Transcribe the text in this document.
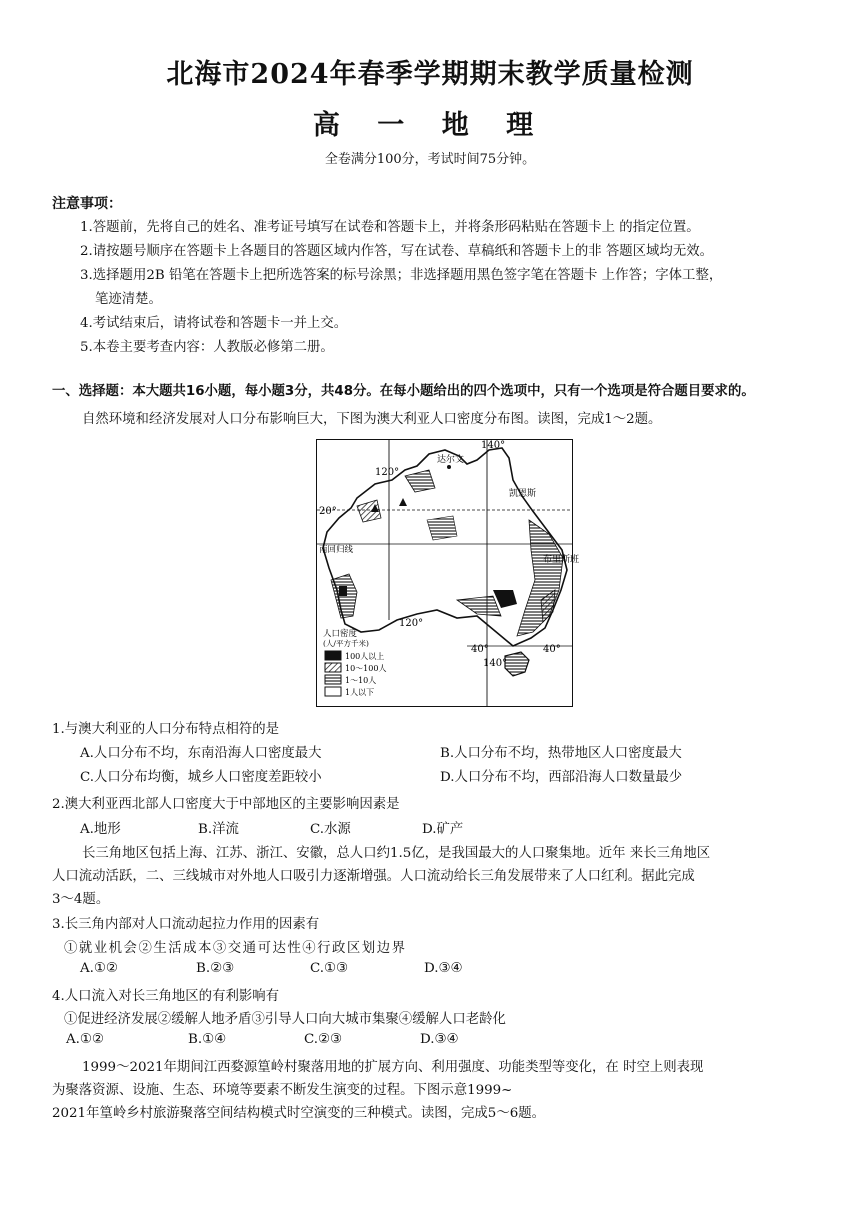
北海市2024年春季学期期末教学质量检测
高 一 地 理
全卷满分100分，考试时间75分钟。
注意事项：
1.答题前，先将自己的姓名、准考证号填写在试卷和答题卡上，并将条形码粘贴在答题卡上 的指定位置。
2.请按题号顺序在答题卡上各题目的答题区域内作答，写在试卷、草稿纸和答题卡上的非 答题区域均无效。
3.选择题用2B 铅笔在答题卡上把所选答案的标号涂黑；非选择题用黑色签字笔在答题卡 上作答；字体工整，
笔迹清楚。
4.考试结束后，请将试卷和答题卡一并上交。
5.本卷主要考查内容：人教版必修第二册。
一、选择题：本大题共16小题，每小题3分，共48分。在每小题给出的四个选项中，只有一个选项是符合题目要求的。
自然环境和经济发展对人口分布影响巨大，下图为澳大利亚人口密度分布图。读图，完成1～2题。
140°
120°
20°
达尔文
凯恩斯
南回归线
布里斯班
120°
40°	40°
140°
人口密度
(人/平方千米)
100人以上
10～100人
1～10人
1人以下
1.与澳大利亚的人口分布特点相符的是
A.人口分布不均，东南沿海人口密度最大	B.人口分布不均，热带地区人口密度最大
C.人口分布均衡，城乡人口密度差距较小	D.人口分布不均，西部沿海人口数量最少
2.澳大利亚西北部人口密度大于中部地区的主要影响因素是
A.地形	B.洋流	C.水源	D.矿产
长三角地区包括上海、江苏、浙江、安徽，总人口约1.5亿，是我国最大的人口聚集地。近年 来长三角地区
人口流动活跃，二、三线城市对外地人口吸引力逐渐增强。人口流动给长三角发展带来了人口红利。据此完成
3～4题。
3.长三角内部对人口流动起拉力作用的因素有
①就业机会②生活成本③交通可达性④行政区划边界
A.①②	B.②③	C.①③	D.③④
4.人口流入对长三角地区的有利影响有
①促进经济发展②缓解人地矛盾③引导人口向大城市集聚④缓解人口老龄化
A.①②	B.①④	C.②③	D.③④
1999～2021年期间江西婺源篁岭村聚落用地的扩展方向、利用强度、功能类型等变化，在 时空上则表现
为聚落资源、设施、生态、环境等要素不断发生演变的过程。下图示意1999~
2021年篁岭乡村旅游聚落空间结构模式时空演变的三种模式。读图，完成5～6题。
